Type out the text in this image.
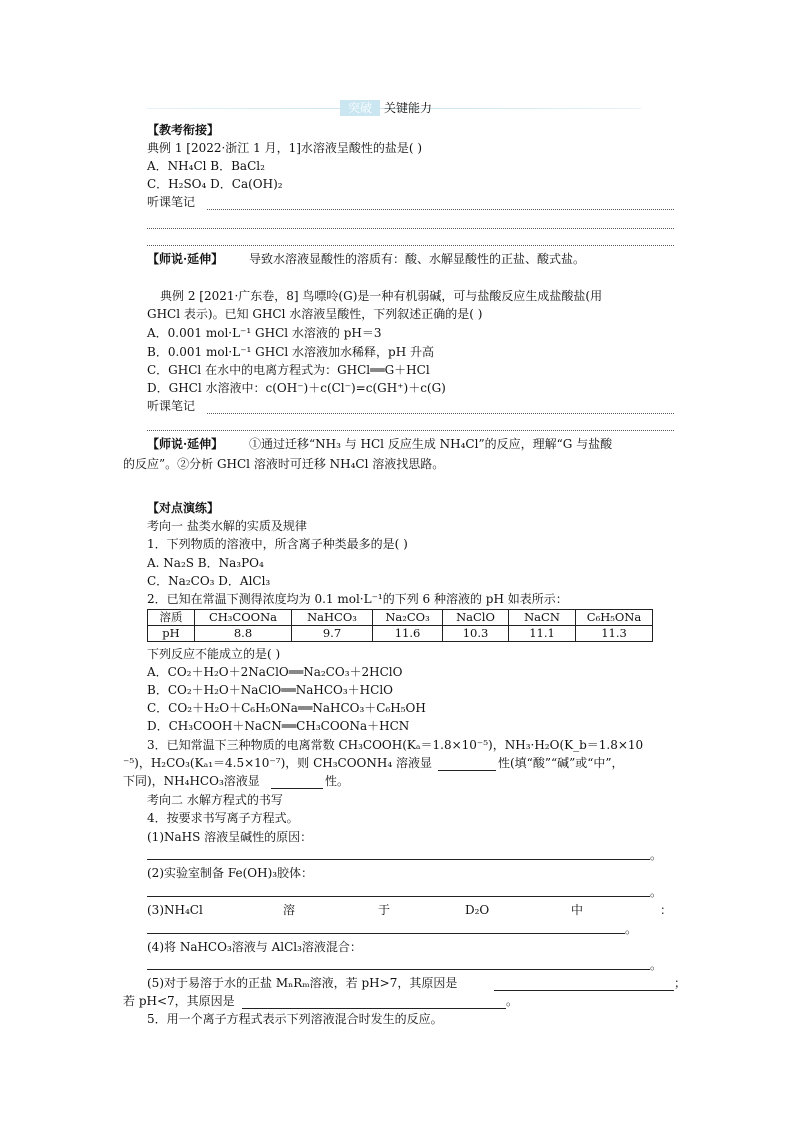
突破	关键能力
【教考衔接】
典例 1 [2022·浙江 1 月，1]水溶液呈酸性的盐是( )
A．NH₄Cl B．BaCl₂
C．H₂SO₄ D．Ca(OH)₂
听课笔记
【师说·延伸】 导致水溶液显酸性的溶质有：酸、水解显酸性的正盐、酸式盐。
典例 2 [2021·广东卷，8] 鸟嘌呤(G)是一种有机弱碱，可与盐酸反应生成盐酸盐(用
GHCl 表示)。已知 GHCl 水溶液呈酸性，下列叙述正确的是( )
A．0.001 mol·L⁻¹ GHCl 水溶液的 pH＝3
B．0.001 mol·L⁻¹ GHCl 水溶液加水稀释，pH 升高
C．GHCl 在水中的电离方程式为：GHCl══G＋HCl
D．GHCl 水溶液中：c(OH⁻)＋c(Cl⁻)=c(GH⁺)＋c(G)
听课笔记
【师说·延伸】 ①通过迁移“NH₃ 与 HCl 反应生成 NH₄Cl”的反应，理解“G 与盐酸
的反应”。②分析 GHCl 溶液时可迁移 NH₄Cl 溶液找思路。
【对点演练】
考向一 盐类水解的实质及规律
1．下列物质的溶液中，所含离子种类最多的是( )
A. Na₂S B．Na₃PO₄
C．Na₂CO₃ D．AlCl₃
2．已知在常温下测得浓度均为 0.1 mol·L⁻¹的下列 6 种溶液的 pH 如表所示：
溶质	CH₃COONa	NaHCO₃	Na₂CO₃	NaClO	NaCN	C₆H₅ONa
pH	8.8	9.7	11.6	10.3	11.1	11.3
下列反应不能成立的是( )
A．CO₂＋H₂O＋2NaClO══Na₂CO₃＋2HClO
B．CO₂＋H₂O＋NaClO══NaHCO₃＋HClO
C．CO₂＋H₂O＋C₆H₅ONa══NaHCO₃＋C₆H₅OH
D．CH₃COOH＋NaCN══CH₃COONa＋HCN
3．已知常温下三种物质的电离常数 CH₃COOH(Kₐ＝1.8×10⁻⁵)，NH₃·H₂O(K_b＝1.8×10
⁻⁵)，H₂CO₃(Kₐ₁＝4.5×10⁻⁷)，则 CH₃COONH₄ 溶液显	性(填“酸”“碱”或“中”，
下同)，NH₄HCO₃溶液显	性。
考向二 水解方程式的书写
4．按要求书写离子方程式。
(1)NaHS 溶液呈碱性的原因：
。
(2)实验室制备 Fe(OH)₃胶体：
。
(3)NH₄Cl	溶	于	D₂O	中	：
。
(4)将 NaHCO₃溶液与 AlCl₃溶液混合：
。
(5)对于易溶于水的正盐 MₙRₘ溶液，若 pH>7，其原因是	；
若 pH<7，其原因是	。
5．用一个离子方程式表示下列溶液混合时发生的反应。
